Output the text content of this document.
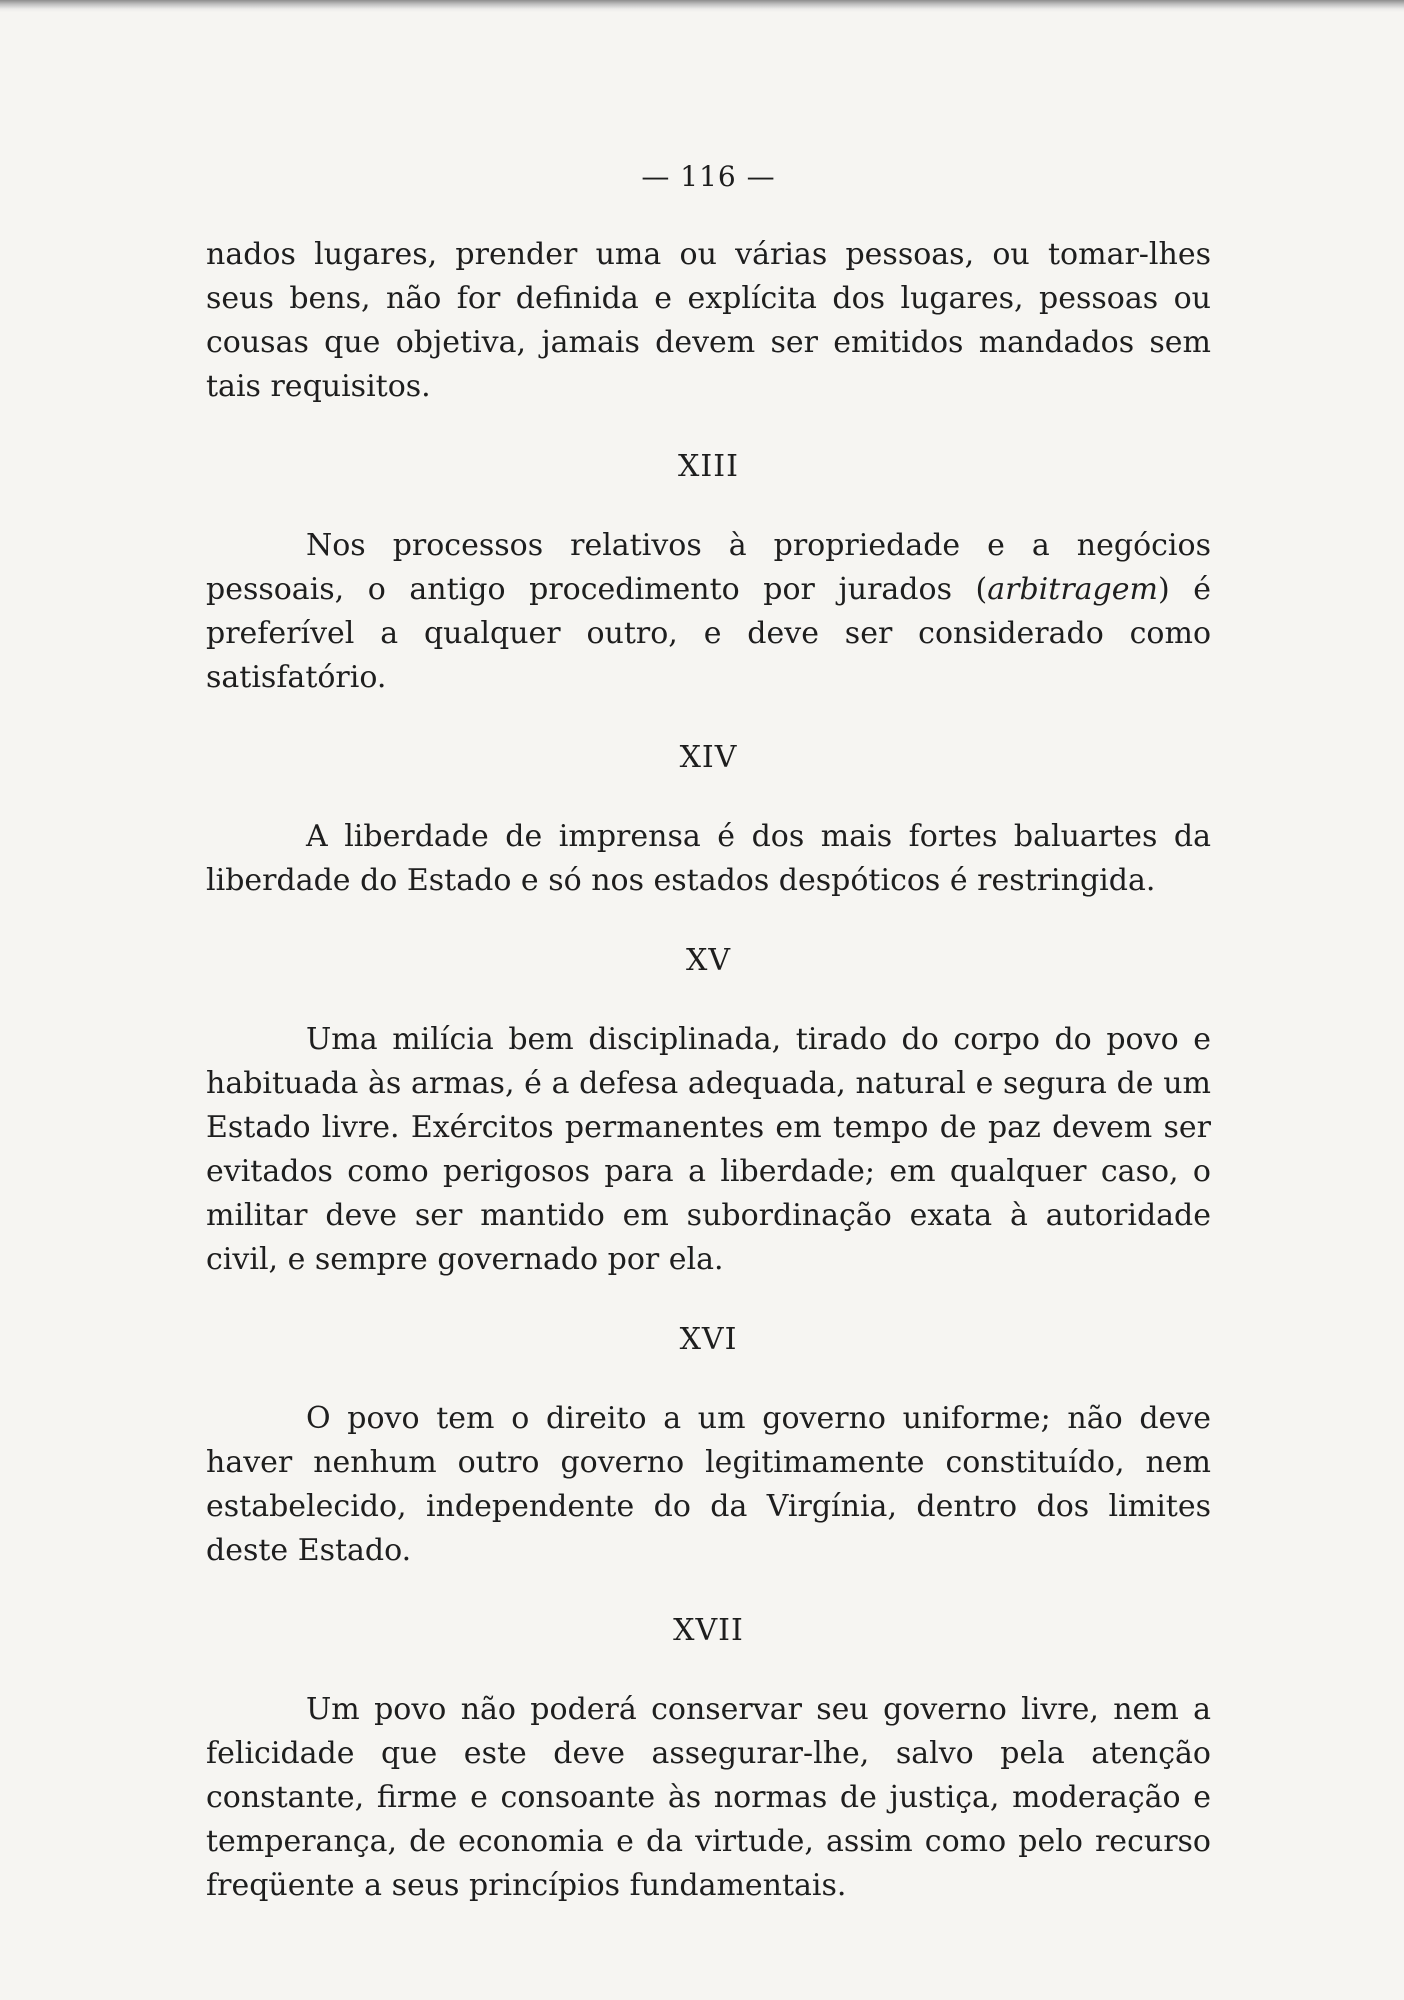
— 116 —

nados lugares, prender uma ou várias pessoas, ou tomar-lhes seus bens, não for definida e explícita dos lugares, pessoas ou cousas que objetiva, jamais devem ser emitidos mandados sem tais requisitos.

XIII

Nos processos relativos à propriedade e a negócios pessoais, o antigo procedimento por jurados (arbitragem) é preferível a qualquer outro, e deve ser considerado como satisfatório.

XIV

A liberdade de imprensa é dos mais fortes baluartes da liberdade do Estado e só nos estados despóticos é restringida.

XV

Uma milícia bem disciplinada, tirado do corpo do povo e habituada às armas, é a defesa adequada, natural e segura de um Estado livre. Exércitos permanentes em tempo de paz devem ser evitados como perigosos para a liberdade; em qualquer caso, o militar deve ser mantido em subordinação exata à autoridade civil, e sempre governado por ela.

XVI

O povo tem o direito a um governo uniforme; não deve haver nenhum outro governo legitimamente constituído, nem estabelecido, independente do da Virgínia, dentro dos limites deste Estado.

XVII

Um povo não poderá conservar seu governo livre, nem a felicidade que este deve assegurar-lhe, salvo pela atenção constante, firme e consoante às normas de justiça, moderação e temperança, de economia e da virtude, assim como pelo recurso freqüente a seus princípios fundamentais.
